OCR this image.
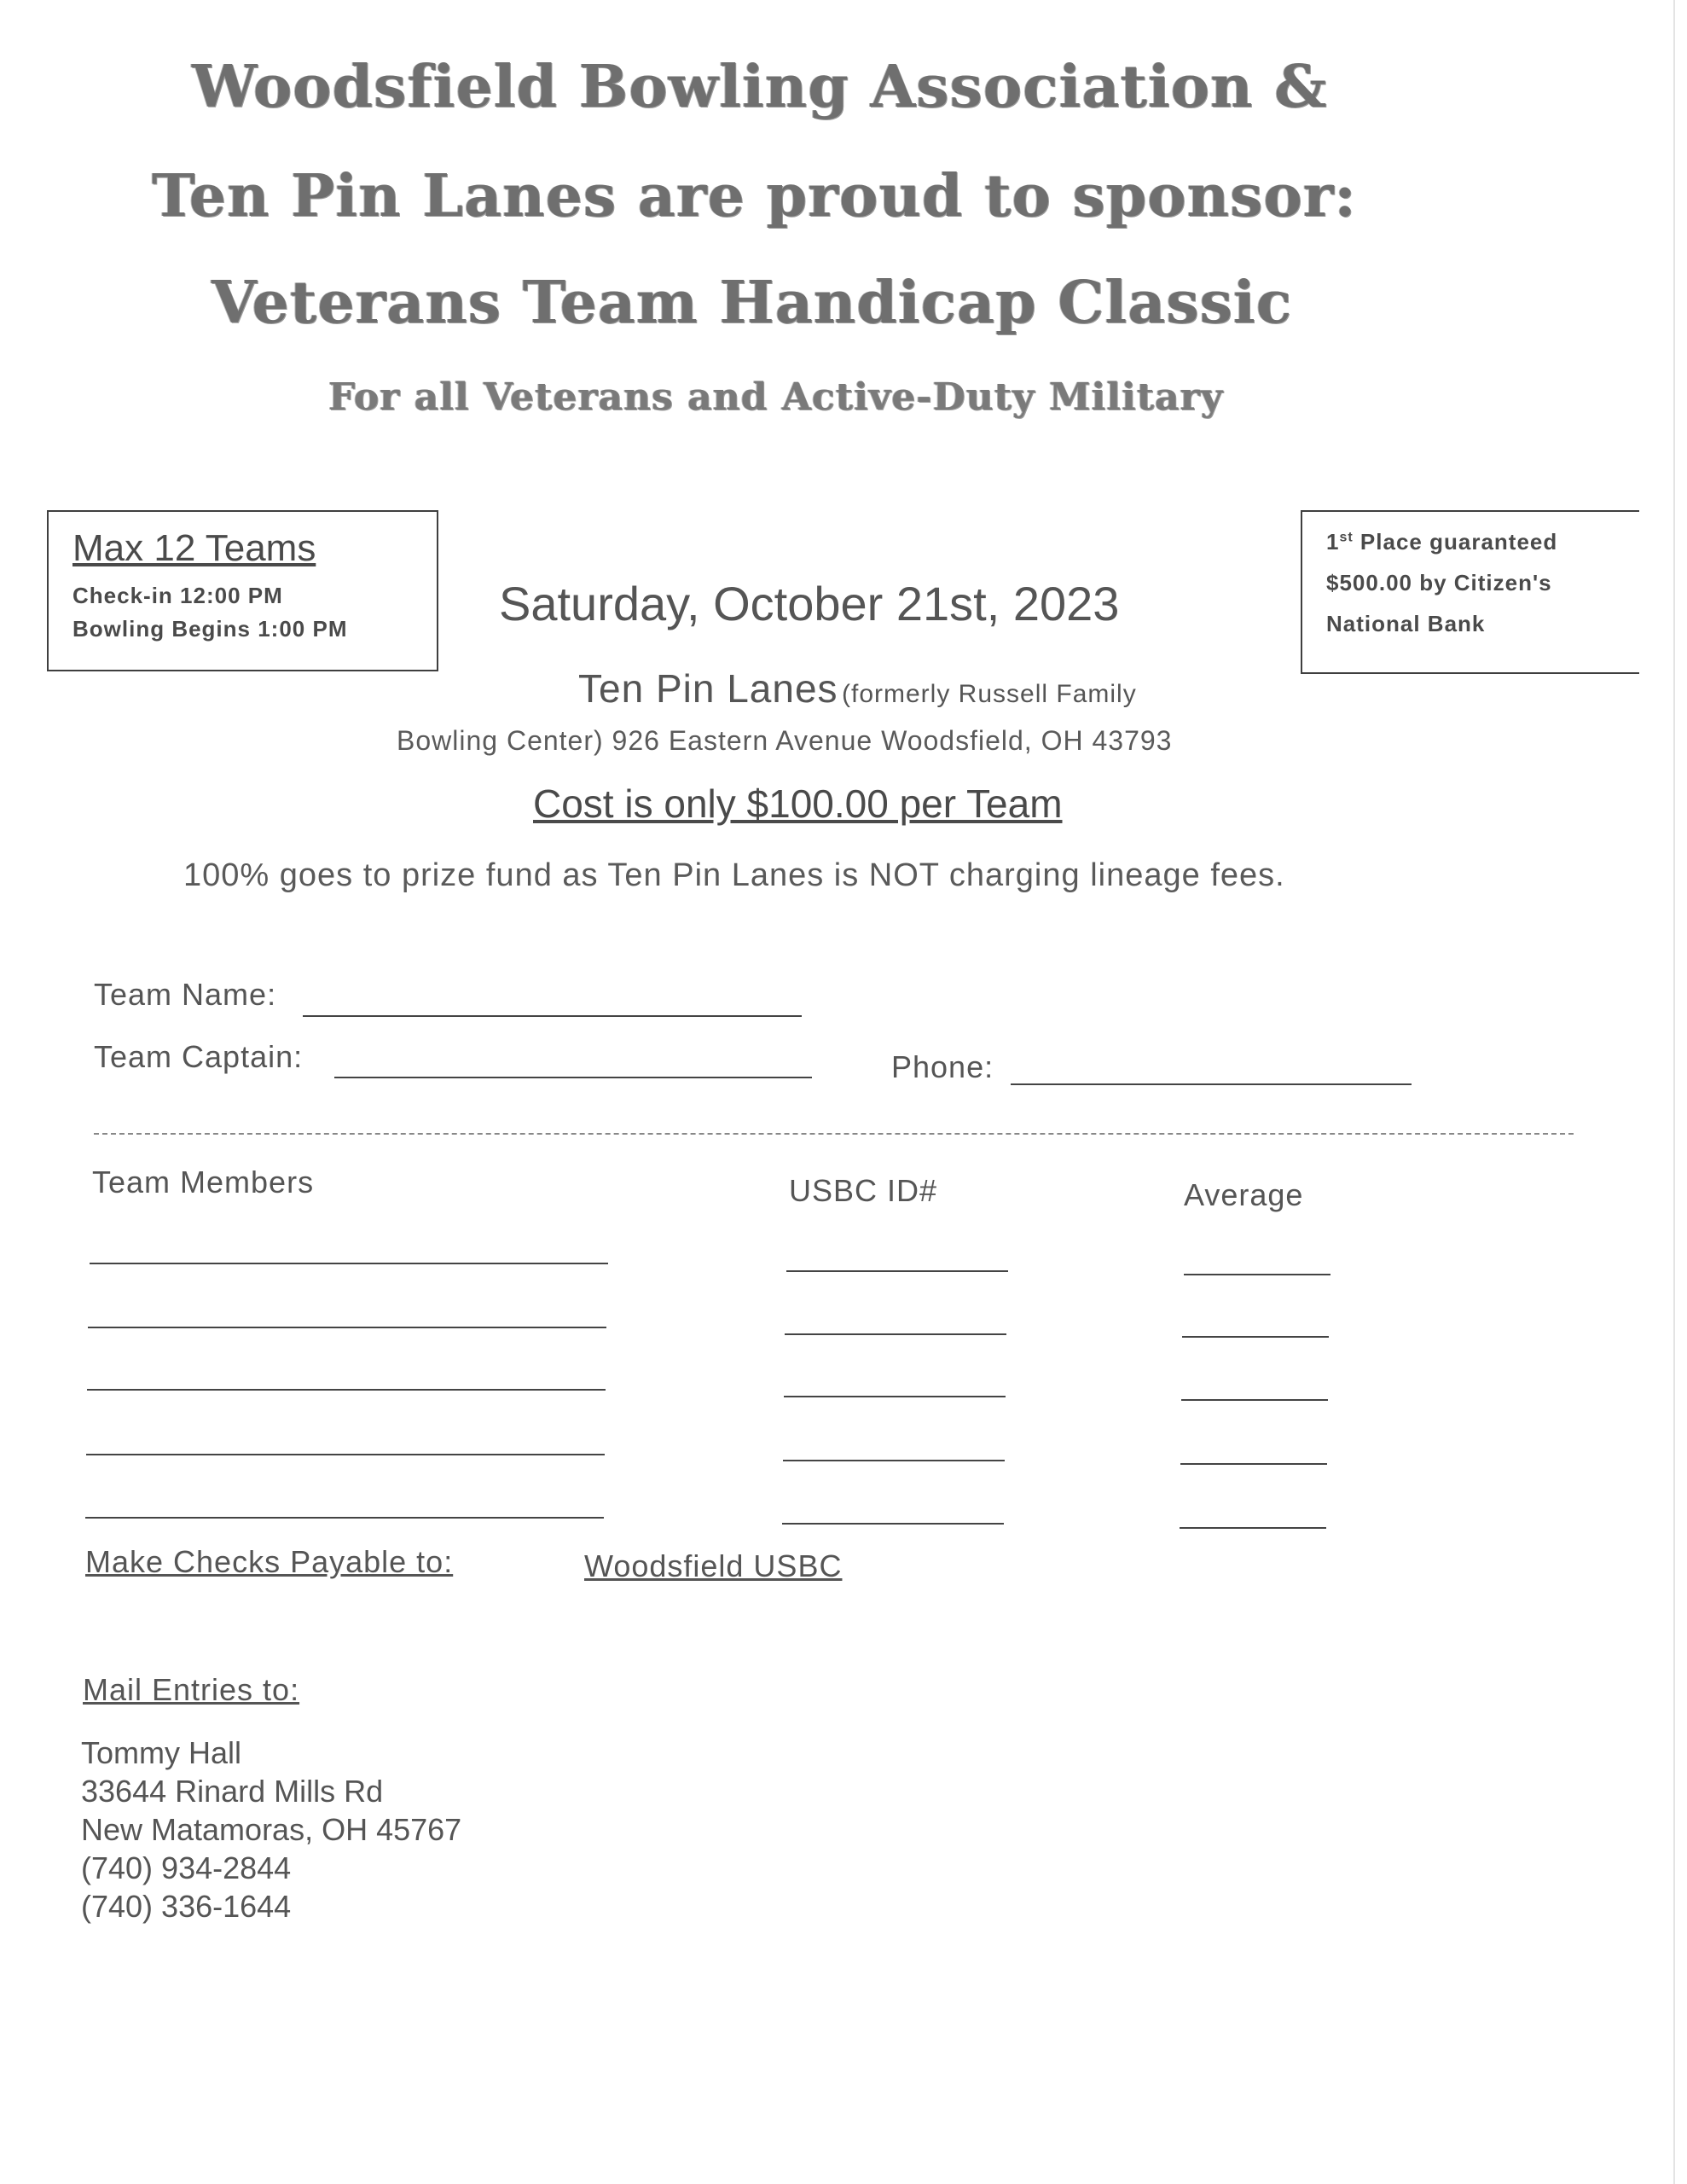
Woodsfield Bowling Association &
Ten Pin Lanes are proud to sponsor:
Veterans Team Handicap Classic
For all Veterans and Active-Duty Military
Max 12 Teams
Check-in 12:00 PM
Bowling Begins 1:00 PM	Saturday, October 21st, 2023
1st Place guaranteed
$500.00 by Citizen's
National Bank
Ten Pin Lanes (formerly Russell Family
Bowling Center) 926 Eastern Avenue Woodsfield, OH 43793
Cost is only $100.00 per Team
100% goes to prize fund as Ten Pin Lanes is NOT charging lineage fees.
Team Name:
Team Captain:	Phone:
Team Members	USBC ID#	Average
Make Checks Payable to:	Woodsfield USBC
Mail Entries to:
Tommy Hall
33644 Rinard Mills Rd
New Matamoras, OH 45767
(740) 934-2844
(740) 336-1644
